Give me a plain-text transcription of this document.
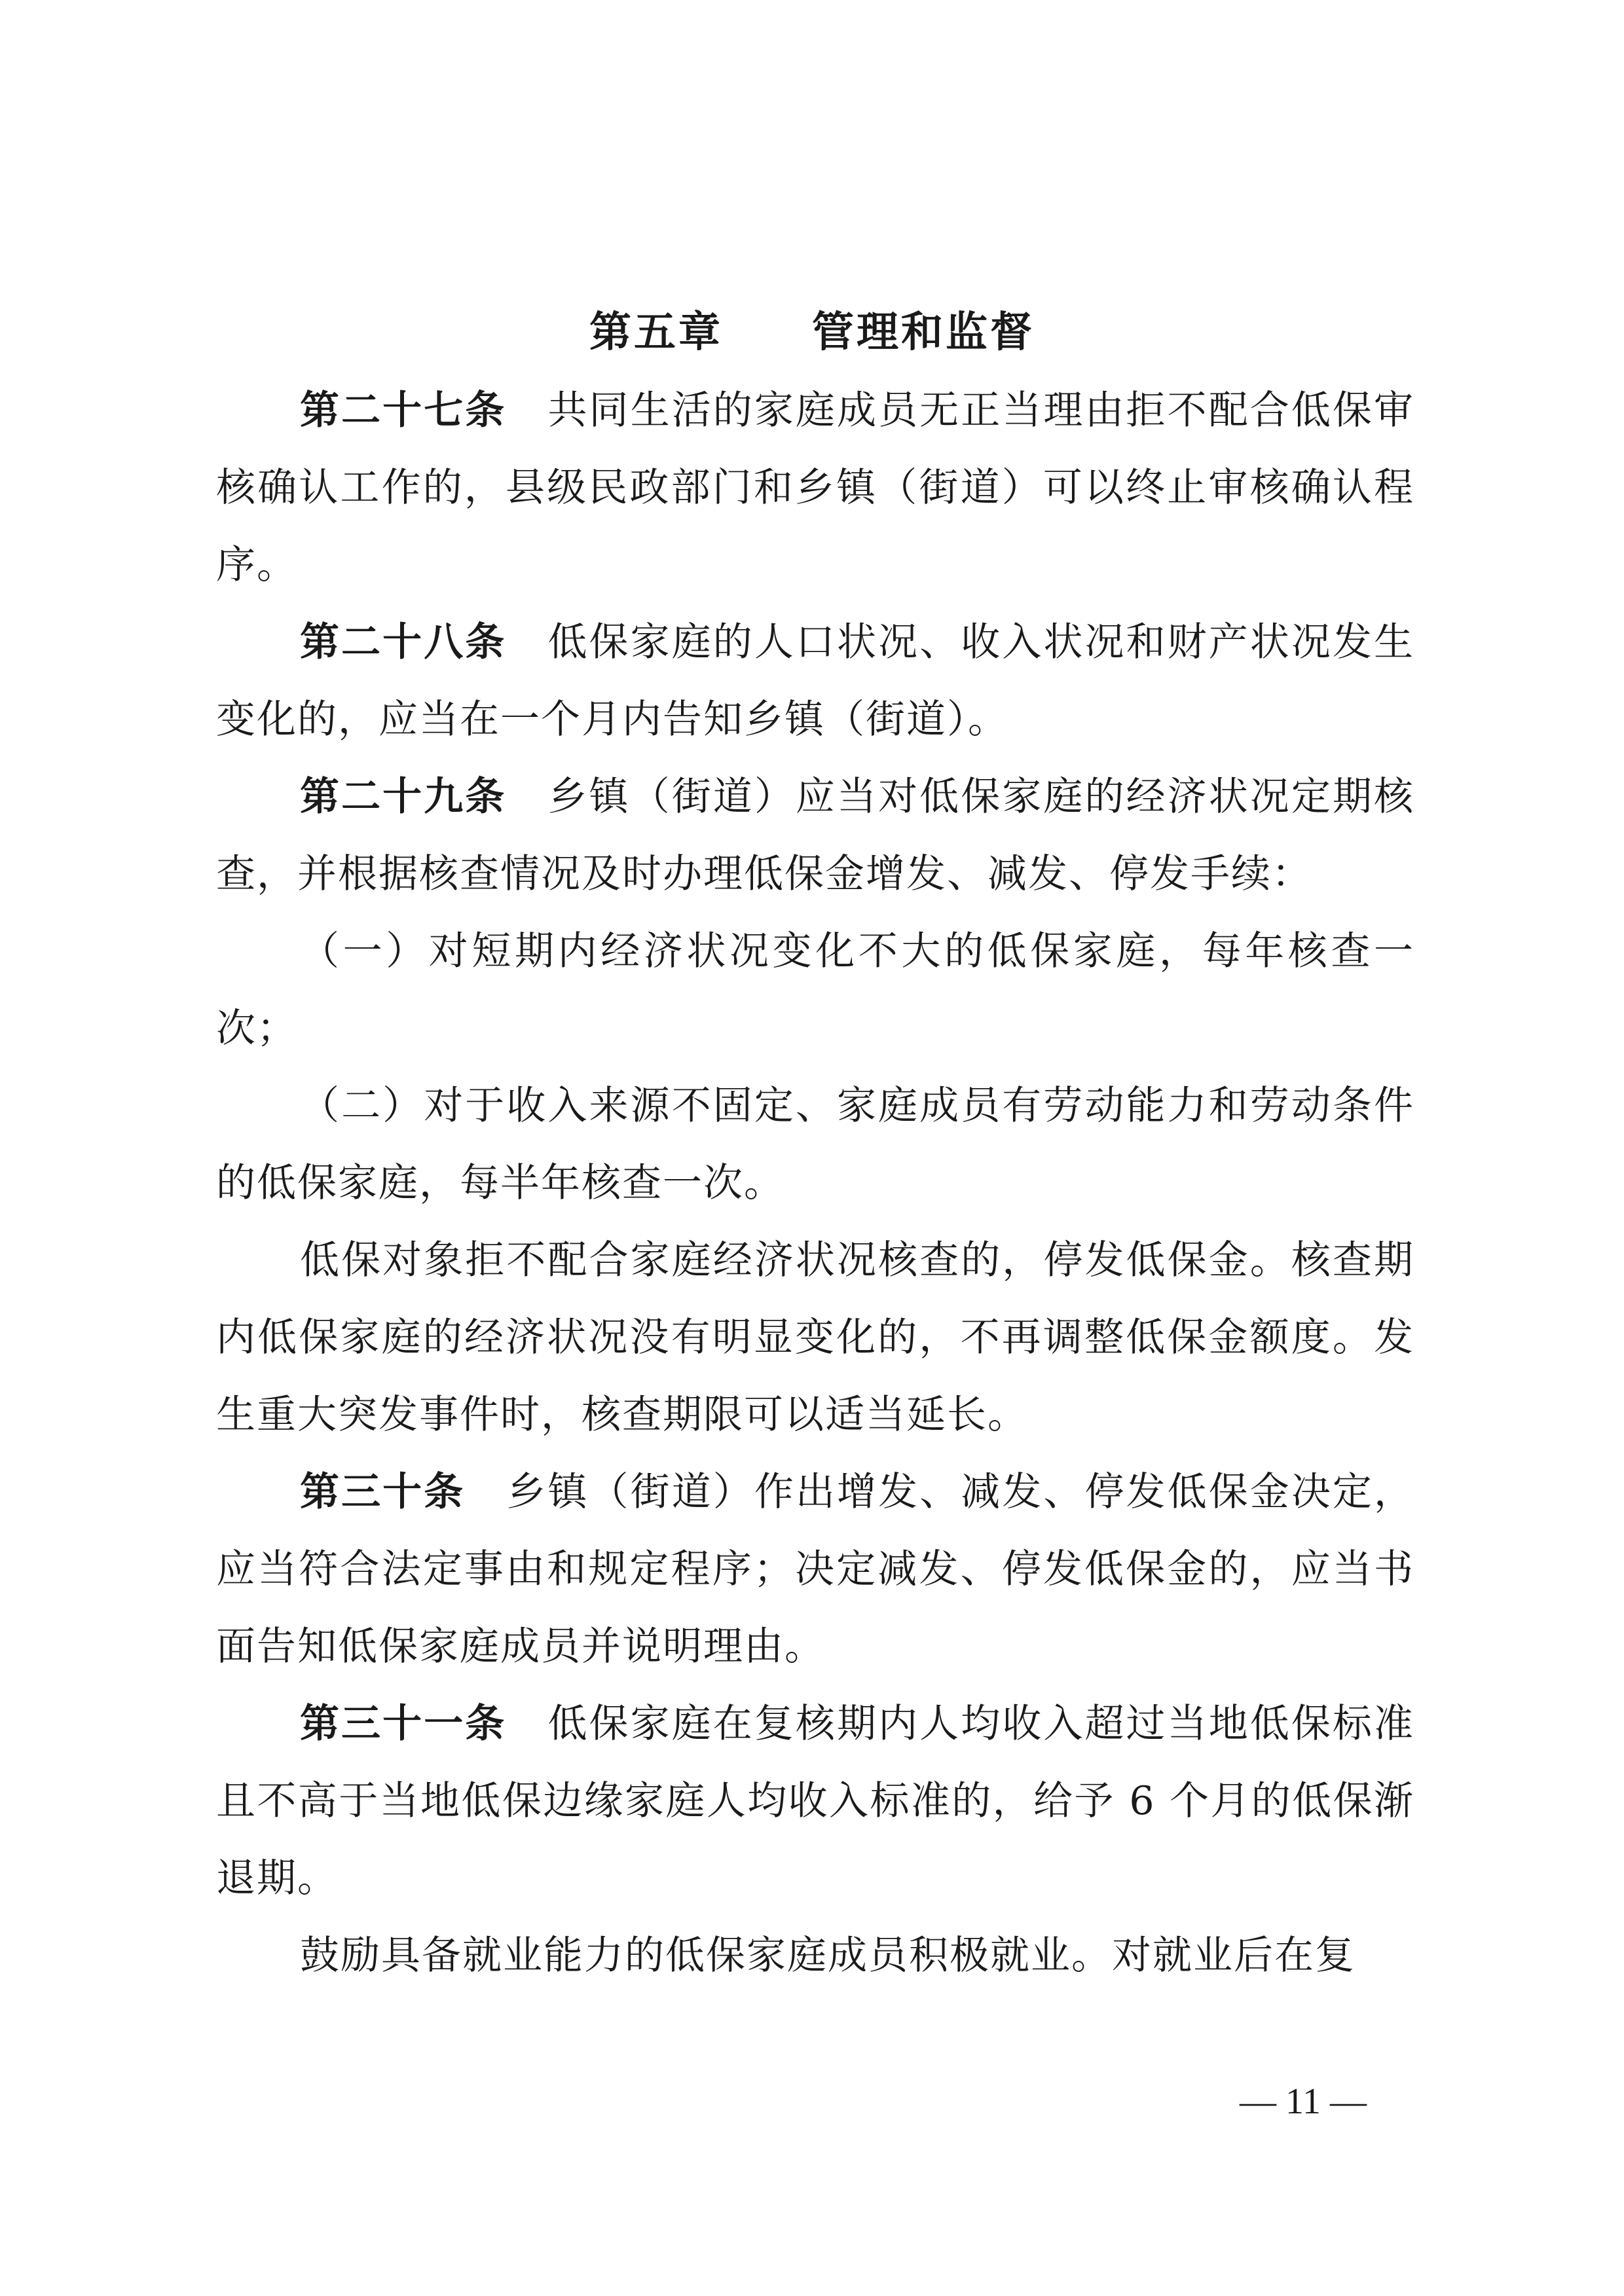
第五章　　管理和监督

第二十七条 共同生活的家庭成员无正当理由拒不配合低保审核确认工作的，县级民政部门和乡镇（街道）可以终止审核确认程序。

第二十八条 低保家庭的人口状况、收入状况和财产状况发生变化的，应当在一个月内告知乡镇（街道）。

第二十九条 乡镇（街道）应当对低保家庭的经济状况定期核查，并根据核查情况及时办理低保金增发、减发、停发手续：

（一）对短期内经济状况变化不大的低保家庭，每年核查一次；

（二）对于收入来源不固定、家庭成员有劳动能力和劳动条件的低保家庭，每半年核查一次。

低保对象拒不配合家庭经济状况核查的，停发低保金。核查期内低保家庭的经济状况没有明显变化的，不再调整低保金额度。发生重大突发事件时，核查期限可以适当延长。

第三十条 乡镇（街道）作出增发、减发、停发低保金决定，应当符合法定事由和规定程序；决定减发、停发低保金的，应当书面告知低保家庭成员并说明理由。

第三十一条 低保家庭在复核期内人均收入超过当地低保标准且不高于当地低保边缘家庭人均收入标准的，给予 6 个月的低保渐退期。

鼓励具备就业能力的低保家庭成员积极就业。对就业后在复

— 11 —
